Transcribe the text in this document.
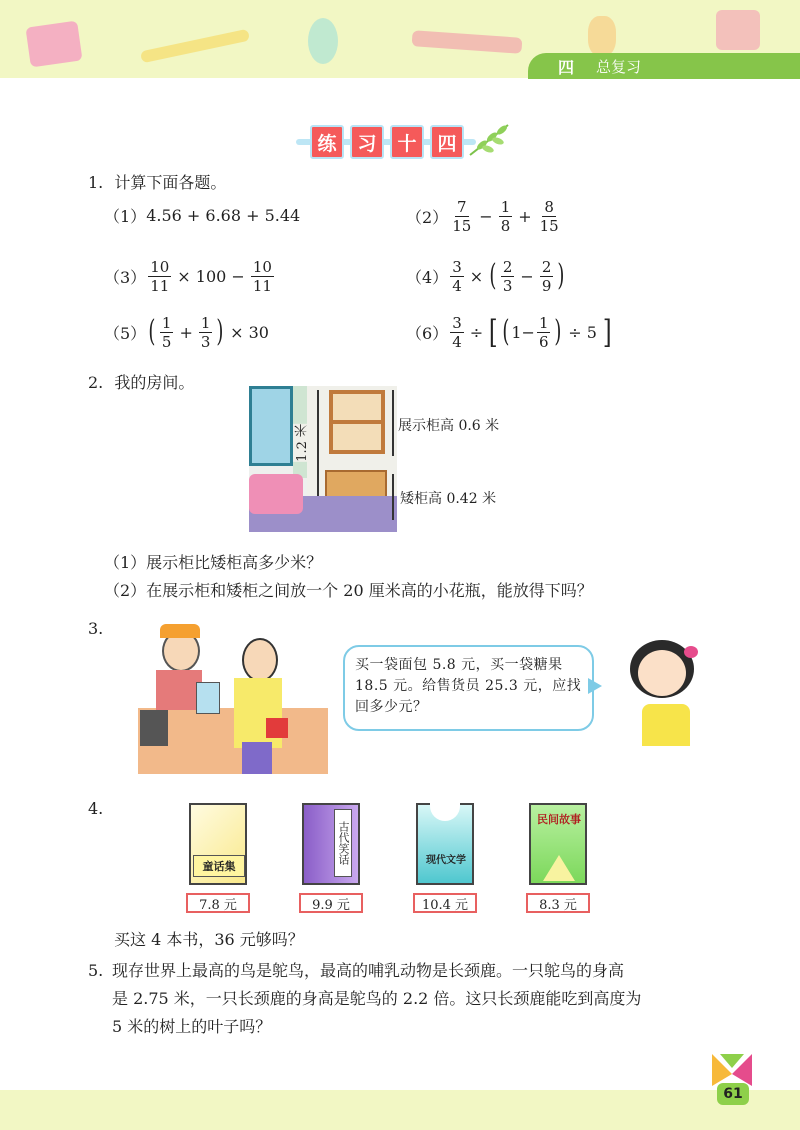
四 总复习
练	习	十	四
1. 计算下面各题。
（1） 4.56 + 6.68 + 5.44	$(2) \frac{7}{15} - \frac{1}{8} + \frac{8}{15}$
$(3) \frac{10}{11} \times 100 - \frac{10}{11}$	$(4) \frac{3}{4}$ × ( $\frac{2}{3} - \frac{2}{9}$ )
（5） ( $\frac{1}{5} + \frac{1}{3}$ ) × 30	$(6) \frac{3}{4}$ ÷ [ ( $1- \frac{1}{6}$ ) ÷ 5 ]
2. 我的房间。
1.2 米	展示柜高 0.6 米
矮柜高 0.42 米
（1）展示柜比矮柜高多少米？
（2）在展示柜和矮柜之间放一个 20 厘米高的小花瓶，能放得下吗？
3.
买一袋面包 5.8 元，买一袋糖果 18.5 元。给售货员 25.3 元，应找回多少元？
4.
童话集
7.8 元
古代笑话
9.9 元
现代文学
10.4 元
民间故事
8.3 元
买这 4 本书，36 元够吗？
5. 现存世界上最高的鸟是鸵鸟，最高的哺乳动物是长颈鹿。一只鸵鸟的身高
是 2.75 米，一只长颈鹿的身高是鸵鸟的 2.2 倍。这只长颈鹿能吃到高度为
5 米的树上的叶子吗？
61
